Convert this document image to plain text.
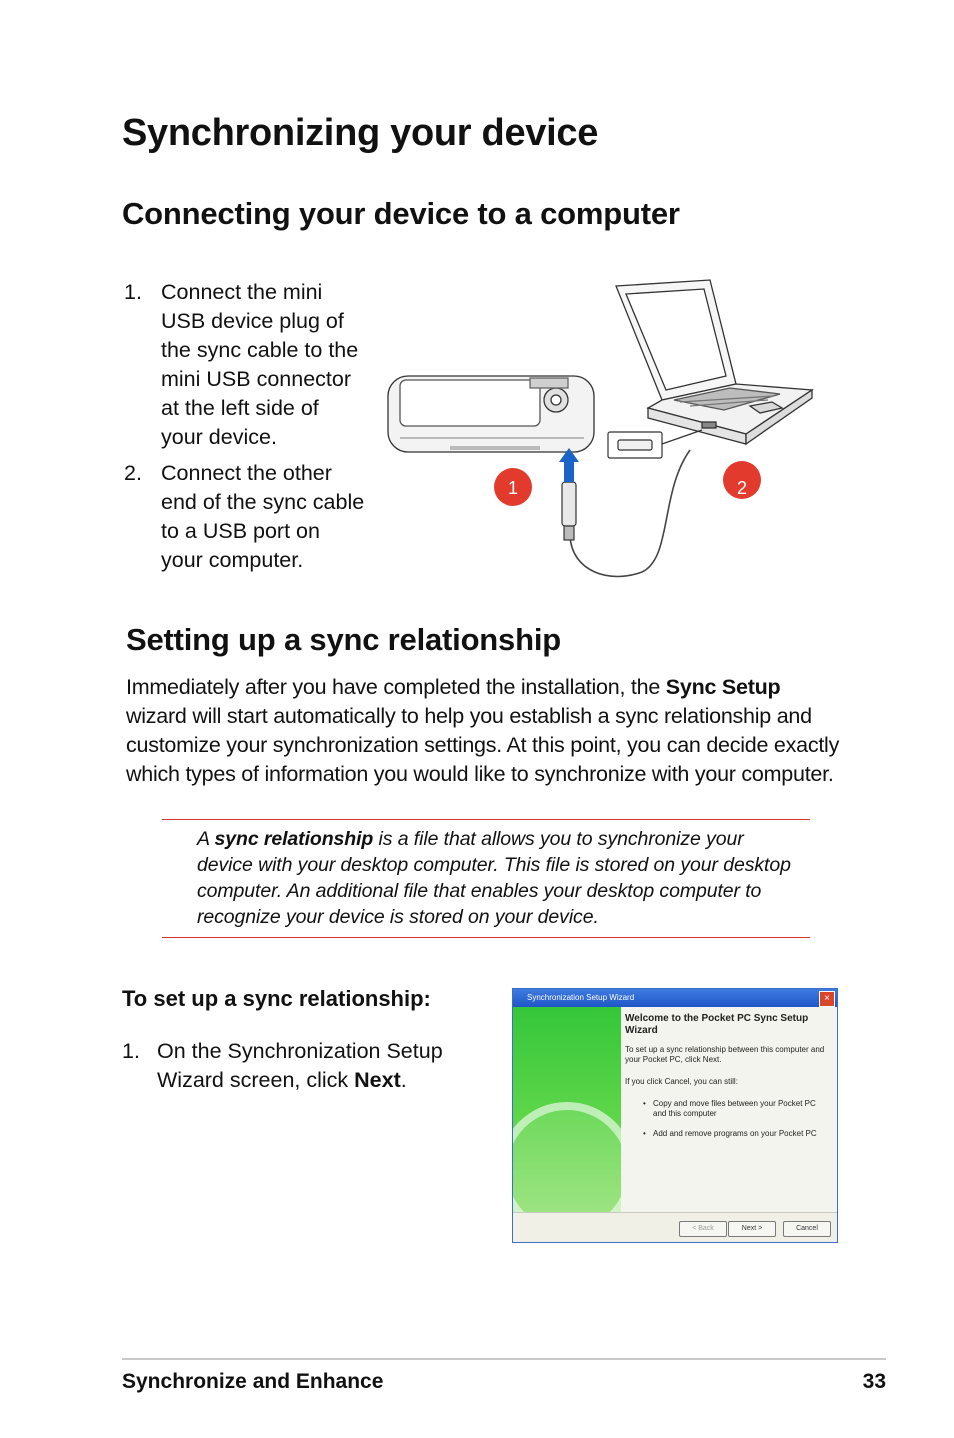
Synchronizing your device
Connecting your device to a computer
1. Connect the mini
USB device plug of
the sync cable to the
mini USB connector
at the left side of
your device.
2. Connect the other
end of the sync cable
to a USB port on
your computer.
1	2
Setting up a sync relationship
Immediately after you have completed the installation, the Sync Setup wizard will start automatically to help you establish a sync relationship and customize your synchronization settings. At this point, you can decide exactly which types of information you would like to synchronize with your computer.
A sync relationship is a file that allows you to synchronize your device with your desktop computer. This file is stored on your desktop computer. An additional file that enables your desktop computer to recognize your device is stored on your device.
To set up a sync relationship:
1. On the Synchronization Setup Wizard screen, click Next.
Synchronization Setup Wizard	×
Welcome to the Pocket PC Sync Setup Wizard
To set up a sync relationship between this computer and your Pocket PC, click Next.
If you click Cancel, you can still:
• Copy and move files between your Pocket PC and this computer
• Add and remove programs on your Pocket PC
< Back	Next >	Cancel
Synchronize and Enhance	33
